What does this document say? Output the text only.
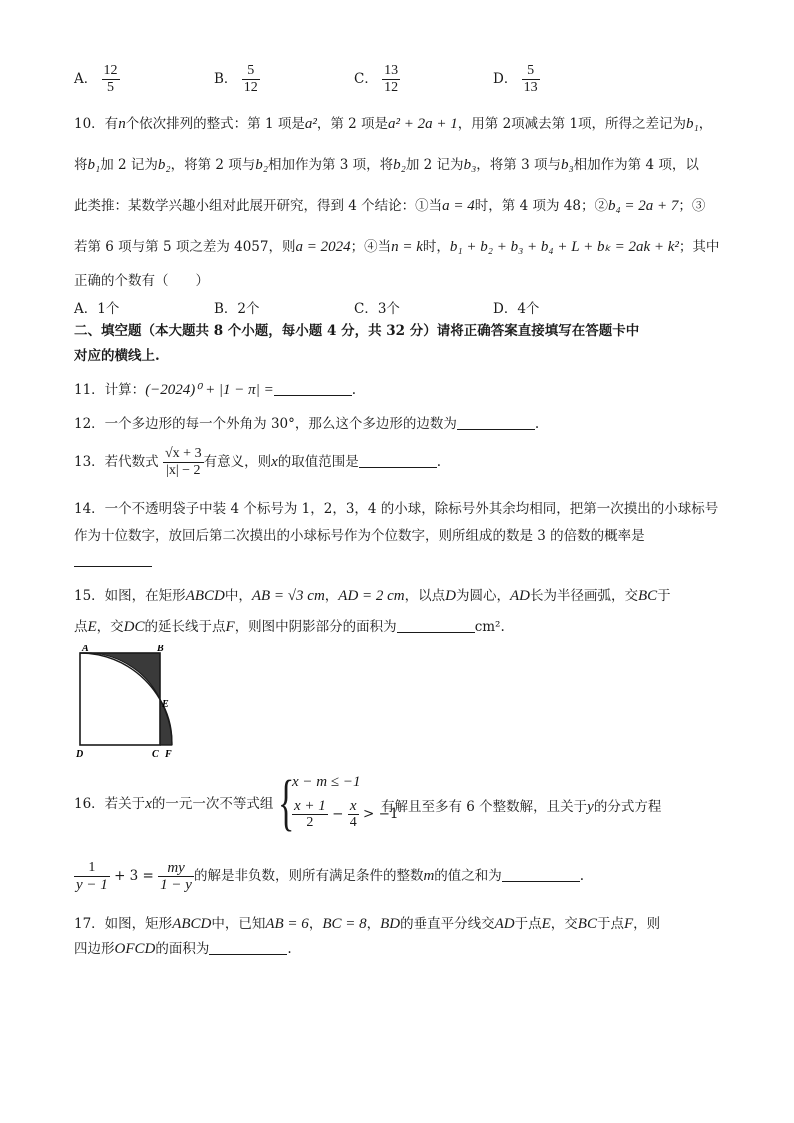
A． $\frac{12}{5}$	B． $\frac{5}{12}$	C． $\frac{13}{12}$	D． $\frac{5}{13}$
10．有n个依次排列的整式：第 1 项是a²，第 2 项是a² + 2a + 1，用第 2项减去第 1项，所得之差记为b₁，
将b₁加 2 记为b₂，将第 2 项与b₂相加作为第 3 项，将b₂加 2 记为b₃，将第 3 项与b₃相加作为第 4 项，以
此类推：某数学兴趣小组对此展开研究，得到 4 个结论：①当a = 4时，第 4 项为 48；②b₄ = 2a + 7；③
若第 6 项与第 5 项之差为 4057，则a = 2024；④当n = k时，b₁ + b₂ + b₃ + b₄ + L + bₖ = 2ak + k²；其中
正确的个数有（　　）
A．1个	B．2个	C．3个	D．4个
二、填空题（本大题共 8 个小题，每小题 4 分，共 32 分）请将正确答案直接填写在答题卡中
对应的横线上.
11．计算：(−2024)⁰ + |1 − π| =	.
12．一个多边形的每一个外角为 30°，那么这个多边形的边数为	.
13．若代数式 $\frac{√x + 3}{|x| - 2}$ 有意义，则x的取值范围是	.
14．一个不透明袋子中装 4 个标号为 1，2，3，4 的小球，除标号外其余均相同，把第一次摸出的小球标号
作为十位数字，放回后第二次摸出的小球标号作为个位数字，则所组成的数是 3 的倍数的概率是
15．如图，在矩形ABCD中，AB = √3 cm，AD = 2 cm，以点D为圆心，AD长为半径画弧，交BC于
点E，交DC的延长线于点F，则图中阴影部分的面积为	cm².
A	B
E
D	C F
16．若关于x的一元一次不等式组 {
x − m ≤ −1
$\frac{x + 1}{2} - \frac{x}{4} > -1$
有解且至多有 6 个整数解，且关于y的分式方程
$\frac{1}{y - 1} + 3 = \frac{my}{1 - y}$ 的解是非负数，则所有满足条件的整数m的值之和为	.
17．如图，矩形ABCD中，已知AB = 6，BC = 8，BD的垂直平分线交AD于点E，交BC于点F，则
四边形OFCD的面积为	.
